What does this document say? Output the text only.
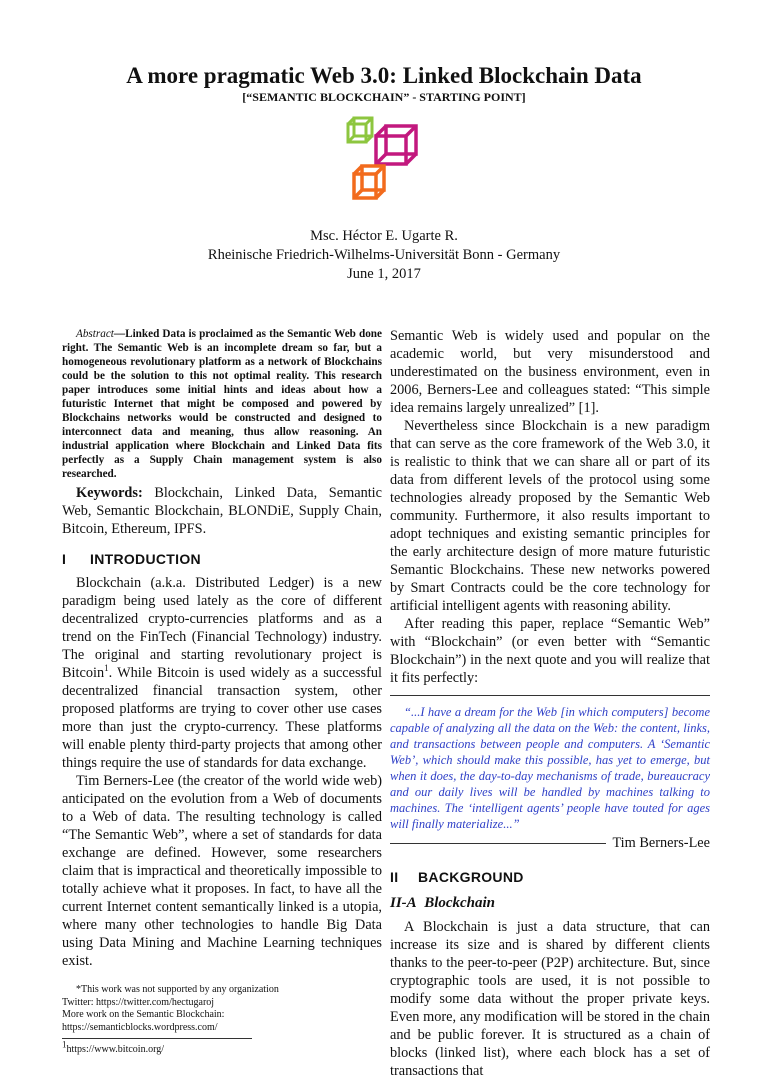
A more pragmatic Web 3.0: Linked Blockchain Data
[“SEMANTIC BLOCKCHAIN” - STARTING POINT]
Msc. Héctor E. Ugarte R.
Rheinische Friedrich-Wilhelms-Universität Bonn - Germany
June 1, 2017

Abstract—Linked Data is proclaimed as the Semantic Web done right. The Semantic Web is an incomplete dream so far, but a homogeneous revolutionary platform as a network of Blockchains could be the solution to this not optimal reality. This research paper introduces some initial hints and ideas about how a futuristic Internet that might be composed and powered by Blockchains networks would be constructed and designed to interconnect data and meaning, thus allow reasoning. An industrial application where Blockchain and Linked Data fits perfectly as a Supply Chain management system is also researched.

Keywords: Blockchain, Linked Data, Semantic Web, Semantic Blockchain, BLONDiE, Supply Chain, Bitcoin, Ethereum, IPFS.

I INTRODUCTION

Blockchain (a.k.a. Distributed Ledger) is a new paradigm being used lately as the core of different decentralized crypto-currencies platforms and as a trend on the FinTech (Financial Technology) industry. The original and starting revolutionary project is Bitcoin$^1$. While Bitcoin is used widely as a successful decentralized financial transaction system, other proposed platforms are trying to cover other use cases more than just the crypto-currency. These platforms will enable plenty third-party projects that among other things require the use of standards for data exchange.

Tim Berners-Lee (the creator of the world wide web) anticipated on the evolution from a Web of documents to a Web of data. The resulting technology is called “The Semantic Web”, where a set of standards for data exchange are defined. However, some researchers claim that is impractical and theoretically impossible to totally achieve what it proposes. In fact, to have all the current Internet content semantically linked is a utopia, where many other technologies to handle Big Data using Data Mining and Machine Learning techniques exist.

*This work was not supported by any organization
Twitter: https://twitter.com/hectugaroj
More work on the Semantic Blockchain:
https://semanticblocks.wordpress.com/
$^1$https://www.bitcoin.org/

Semantic Web is widely used and popular on the academic world, but very misunderstood and underestimated on the business environment, even in 2006, Berners-Lee and colleagues stated: “This simple idea remains largely unrealized” [1].

Nevertheless since Blockchain is a new paradigm that can serve as the core framework of the Web 3.0, it is realistic to think that we can share all or part of its data from different levels of the protocol using some technologies already proposed by the Semantic Web community. Furthermore, it also results important to adopt techniques and existing semantic principles for the early architecture design of more mature futuristic Semantic Blockchains. These new networks powered by Smart Contracts could be the core technology for artificial intelligent agents with reasoning ability.

After reading this paper, replace “Semantic Web” with “Blockchain” (or even better with “Semantic Blockchain”) in the next quote and you will realize that it fits perfectly:

“...I have a dream for the Web [in which computers] become capable of analyzing all the data on the Web: the content, links, and transactions between people and computers. A ‘Semantic Web’, which should make this possible, has yet to emerge, but when it does, the day-to-day mechanisms of trade, bureaucracy and our daily lives will be handled by machines talking to machines. The ‘intelligent agents’ people have touted for ages will finally materialize...”

Tim Berners-Lee
II BACKGROUND
II-A Blockchain

A Blockchain is just a data structure, that can increase its size and is shared by different clients thanks to the peer-to-peer (P2P) architecture. But, since cryptographic tools are used, it is not possible to modify some data without the proper private keys. Even more, any modification will be stored in the chain and be public forever. It is structured as a chain of blocks (linked list), where each block has a set of transactions that
